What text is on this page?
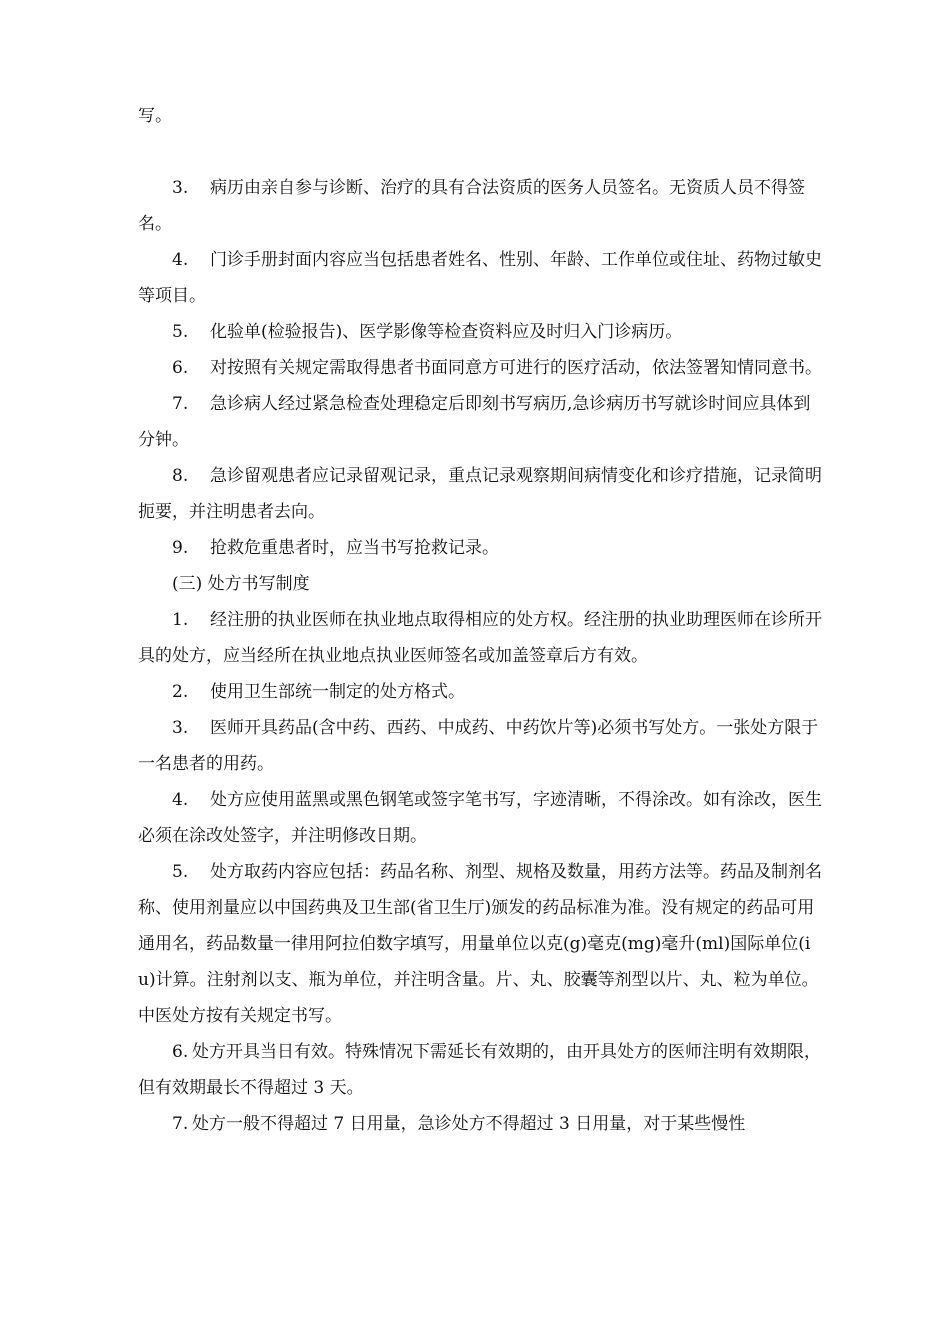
写。

3. 病历由亲自参与诊断、治疗的具有合法资质的医务人员签名。无资质人员不得签名。

4. 门诊手册封面内容应当包括患者姓名、性别、年龄、工作单位或住址、药物过敏史等项目。

5. 化验单(检验报告)、医学影像等检查资料应及时归入门诊病历。

6. 对按照有关规定需取得患者书面同意方可进行的医疗活动，依法签署知情同意书。

7. 急诊病人经过紧急检查处理稳定后即刻书写病历,急诊病历书写就诊时间应具体到分钟。

8. 急诊留观患者应记录留观记录，重点记录观察期间病情变化和诊疗措施，记录简明扼要，并注明患者去向。

9. 抢救危重患者时，应当书写抢救记录。

(三) 处方书写制度

1. 经注册的执业医师在执业地点取得相应的处方权。经注册的执业助理医师在诊所开具的处方，应当经所在执业地点执业医师签名或加盖签章后方有效。

2. 使用卫生部统一制定的处方格式。

3. 医师开具药品(含中药、西药、中成药、中药饮片等)必须书写处方。一张处方限于一名患者的用药。

4. 处方应使用蓝黑或黑色钢笔或签字笔书写，字迹清晰，不得涂改。如有涂改，医生必须在涂改处签字，并注明修改日期。

5. 处方取药内容应包括：药品名称、剂型、规格及数量，用药方法等。药品及制剂名称、使用剂量应以中国药典及卫生部(省卫生厅)颁发的药品标准为准。没有规定的药品可用通用名，药品数量一律用阿拉伯数字填写，用量单位以克(g)毫克(mg)毫升(ml)国际单位(iu)计算。注射剂以支、瓶为单位，并注明含量。片、丸、胶囊等剂型以片、丸、粒为单位。中医处方按有关规定书写。

6. 处方开具当日有效。特殊情况下需延长有效期的，由开具处方的医师注明有效期限，但有效期最长不得超过 3 天。

7. 处方一般不得超过 7 日用量，急诊处方不得超过 3 日用量，对于某些慢性
